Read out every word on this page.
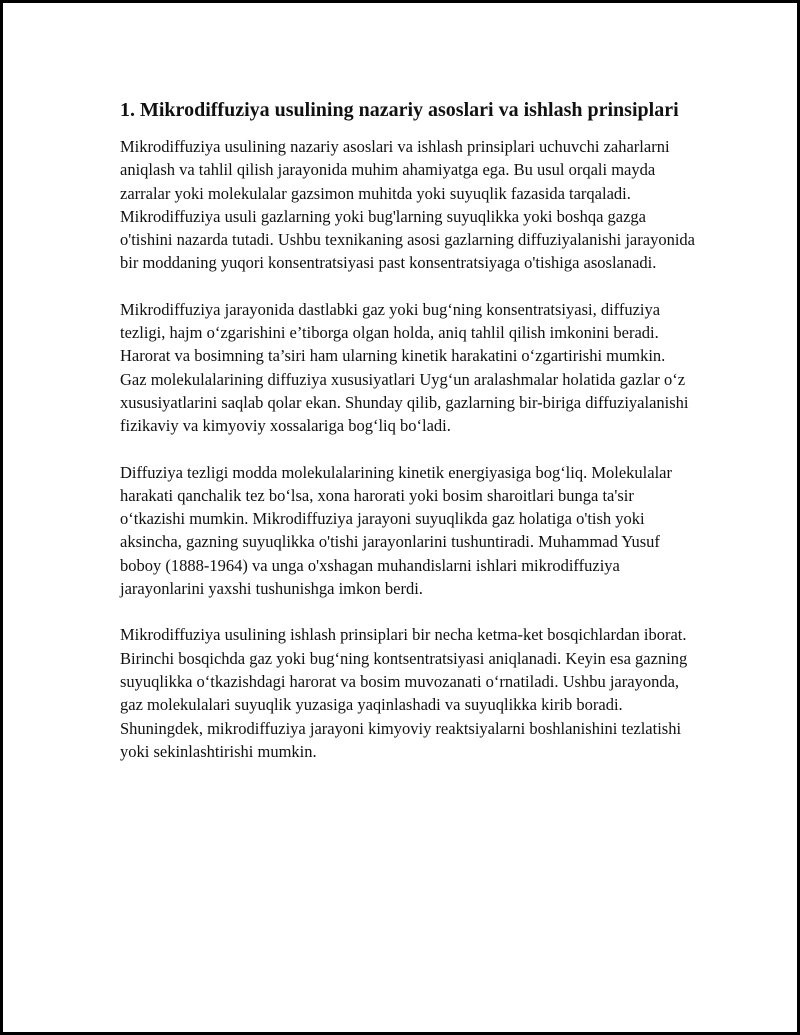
1. Mikrodiffuziya usulining nazariy asoslari va ishlash prinsiplari

Mikrodiffuziya usulining nazariy asoslari va ishlash prinsiplari uchuvchi zaharlarni aniqlash va tahlil qilish jarayonida muhim ahamiyatga ega. Bu usul orqali mayda zarralar yoki molekulalar gazsimon muhitda yoki suyuqlik fazasida tarqaladi. Mikrodiffuziya usuli gazlarning yoki bug'larning suyuqlikka yoki boshqa gazga o'tishini nazarda tutadi. Ushbu texnikaning asosi gazlarning diffuziyalanishi jarayonida bir moddaning yuqori konsentratsiyasi past konsentratsiyaga o'tishiga asoslanadi.

Mikrodiffuziya jarayonida dastlabki gaz yoki bug‘ning konsentratsiyasi, diffuziya tezligi, hajm o‘zgarishini e’tiborga olgan holda, aniq tahlil qilish imkonini beradi. Harorat va bosimning ta’siri ham ularning kinetik harakatini o‘zgartirishi mumkin. Gaz molekulalarining diffuziya xususiyatlari Uyg‘un aralashmalar holatida gazlar o‘z xususiyatlarini saqlab qolar ekan. Shunday qilib, gazlarning bir-biriga diffuziyalanishi fizikaviy va kimyoviy xossalariga bog‘liq bo‘ladi.

Diffuziya tezligi modda molekulalarining kinetik energiyasiga bog‘liq. Molekulalar harakati qanchalik tez bo‘lsa, xona harorati yoki bosim sharoitlari bunga ta'sir o‘tkazishi mumkin. Mikrodiffuziya jarayoni suyuqlikda gaz holatiga o'tish yoki aksincha, gazning suyuqlikka o'tishi jarayonlarini tushuntiradi. Muhammad Yusuf boboy (1888-1964) va unga o'xshagan muhandislarni ishlari mikrodiffuziya jarayonlarini yaxshi tushunishga imkon berdi.

Mikrodiffuziya usulining ishlash prinsiplari bir necha ketma-ket bosqichlardan iborat. Birinchi bosqichda gaz yoki bug‘ning kontsentratsiyasi aniqlanadi. Keyin esa gazning suyuqlikka o‘tkazishdagi harorat va bosim muvozanati o‘rnatiladi. Ushbu jarayonda, gaz molekulalari suyuqlik yuzasiga yaqinlashadi va suyuqlikka kirib boradi. Shuningdek, mikrodiffuziya jarayoni kimyoviy reaktsiyalarni boshlanishini tezlatishi yoki sekinlashtirishi mumkin.
